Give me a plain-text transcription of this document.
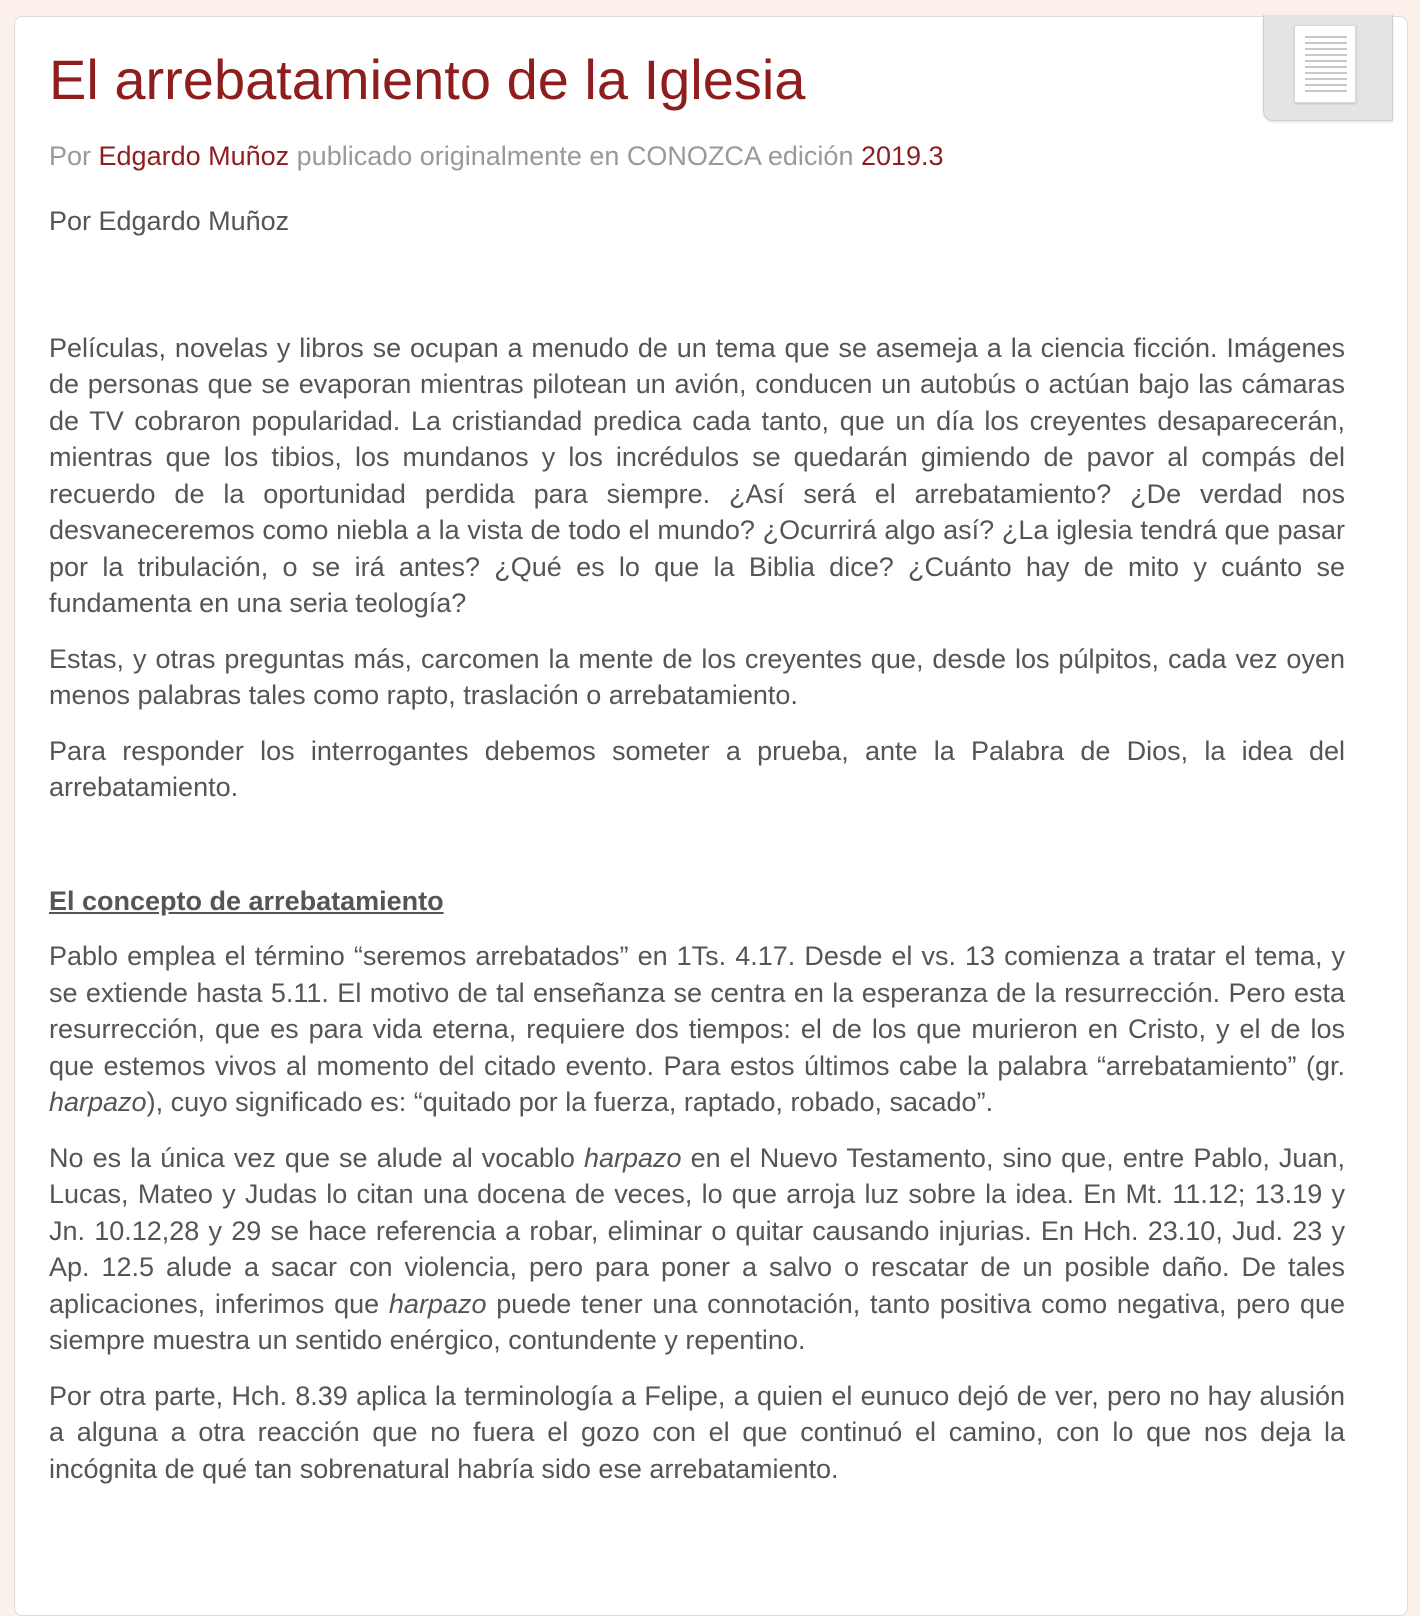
El arrebatamiento de la Iglesia
Por Edgardo Muñoz publicado originalmente en CONOZCA edición 2019.3

Por Edgardo Muñoz

Películas, novelas y libros se ocupan a menudo de un tema que se asemeja a la ciencia ficción. Imágenes de personas que se evaporan mientras pilotean un avión, conducen un autobús o actúan bajo las cámaras de TV cobraron popularidad. La cristiandad predica cada tanto, que un día los creyentes desaparecerán, mientras que los tibios, los mundanos y los incrédulos se quedarán gimiendo de pavor al compás del recuerdo de la oportunidad perdida para siempre. ¿Así será el arrebatamiento? ¿De verdad nos desvaneceremos como niebla a la vista de todo el mundo? ¿Ocurrirá algo así? ¿La iglesia tendrá que pasar por la tribulación, o se irá antes? ¿Qué es lo que la Biblia dice? ¿Cuánto hay de mito y cuánto se fundamenta en una seria teología?

Estas, y otras preguntas más, carcomen la mente de los creyentes que, desde los púlpitos, cada vez oyen menos palabras tales como rapto, traslación o arrebatamiento.

Para responder los interrogantes debemos someter a prueba, ante la Palabra de Dios, la idea del arrebatamiento.

El concepto de arrebatamiento

Pablo emplea el término “seremos arrebatados” en 1Ts. 4.17. Desde el vs. 13 comienza a tratar el tema, y se extiende hasta 5.11. El motivo de tal enseñanza se centra en la esperanza de la resurrección. Pero esta resurrección, que es para vida eterna, requiere dos tiempos: el de los que murieron en Cristo, y el de los que estemos vivos al momento del citado evento. Para estos últimos cabe la palabra “arrebatamiento” (gr. harpazo), cuyo significado es: “quitado por la fuerza, raptado, robado, sacado”.

No es la única vez que se alude al vocablo harpazo en el Nuevo Testamento, sino que, entre Pablo, Juan, Lucas, Mateo y Judas lo citan una docena de veces, lo que arroja luz sobre la idea. En Mt. 11.12; 13.19 y Jn. 10.12,28 y 29 se hace referencia a robar, eliminar o quitar causando injurias. En Hch. 23.10, Jud. 23 y Ap. 12.5 alude a sacar con violencia, pero para poner a salvo o rescatar de un posible daño. De tales aplicaciones, inferimos que harpazo puede tener una connotación, tanto positiva como negativa, pero que siempre muestra un sentido enérgico, contundente y repentino.

Por otra parte, Hch. 8.39 aplica la terminología a Felipe, a quien el eunuco dejó de ver, pero no hay alusión a alguna a otra reacción que no fuera el gozo con el que continuó el camino, con lo que nos deja la incógnita de qué tan sobrenatural habría sido ese arrebatamiento.
